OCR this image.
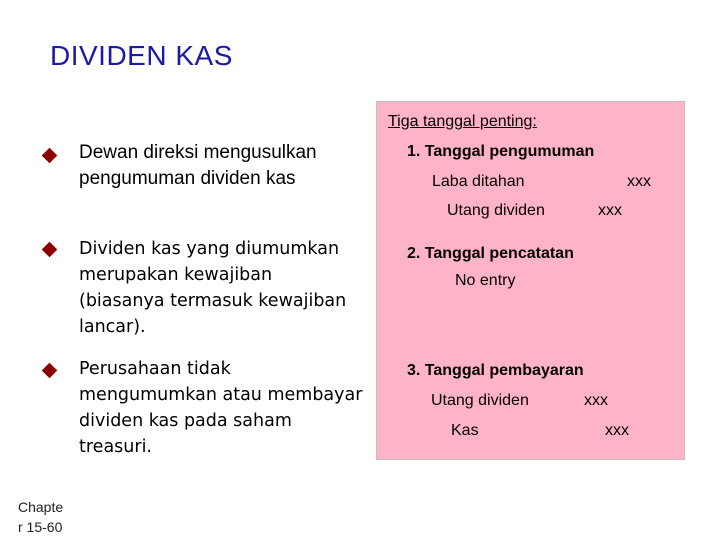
DIVIDEN KAS
Dewan direksi mengusulkan
pengumuman dividen kas
Dividen kas yang diumumkan
merupakan kewajiban
(biasanya termasuk kewajiban
lancar).
Perusahaan tidak
mengumumkan atau membayar
dividen kas pada saham
treasuri.
Tiga tanggal penting:
1. Tanggal pengumuman
Laba ditahan	xxx
Utang dividen	xxx
2. Tanggal pencatatan
No entry
3. Tanggal pembayaran
Utang dividen	xxx
Kas	xxx
Chapte
r 15-60
